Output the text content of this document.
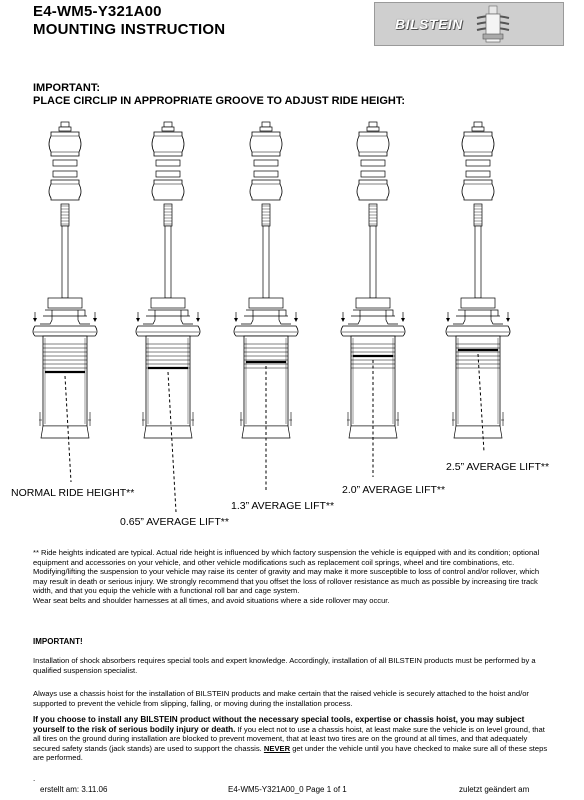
E4-WM5-Y321A00
MOUNTING INSTRUCTION	BILSTEIN
IMPORTANT:
PLACE CIRCLIP IN APPROPRIATE GROOVE TO ADJUST RIDE HEIGHT:
NORMAL RIDE HEIGHT**
0.65” AVERAGE LIFT**
1.3” AVERAGE LIFT**
2.0” AVERAGE LIFT**
2.5” AVERAGE LIFT**

** Ride heights indicated are typical. Actual ride height is influenced by which factory suspension the vehicle is equipped with and its condition; optional equipment and accessories on your vehicle, and other vehicle modifications such as replacement coil springs, wheel and tire combinations, etc.

Modifying/lifting the suspension to your vehicle may raise its center of gravity and may make it more susceptible to loss of control and/or rollover, which may result in death or serious injury. We strongly recommend that you offset the loss of rollover resistance as much as possible by increasing tire track width, and that you equip the vehicle with a functional roll bar and cage system.

Wear seat belts and shoulder harnesses at all times, and avoid situations where a side rollover may occur.

IMPORTANT!
Installation of shock absorbers requires special tools and expert knowledge. Accordingly, installation of all BILSTEIN products must be performed by a qualified suspension specialist.
Always use a chassis hoist for the installation of BILSTEIN products and make certain that the raised vehicle is securely attached to the hoist and/or supported to prevent the vehicle from slipping, falling, or moving during the installation process.
If you choose to install any BILSTEIN product without the necessary special tools, expertise or chassis hoist, you may subject yourself to the risk of serious bodily injury or death. If you elect not to use a chassis hoist, at least make sure the vehicle is on level ground, that all tires on the ground during installation are blocked to prevent movement, that at least two tires are on the ground at all times, and that adequately secured safety stands (jack stands) are used to support the chassis. NEVER get under the vehicle until you have checked to make sure all of these steps are performed.
.
erstellt am: 3.11.06	E4-WM5-Y321A00_0 Page 1 of 1	zuletzt geändert am
